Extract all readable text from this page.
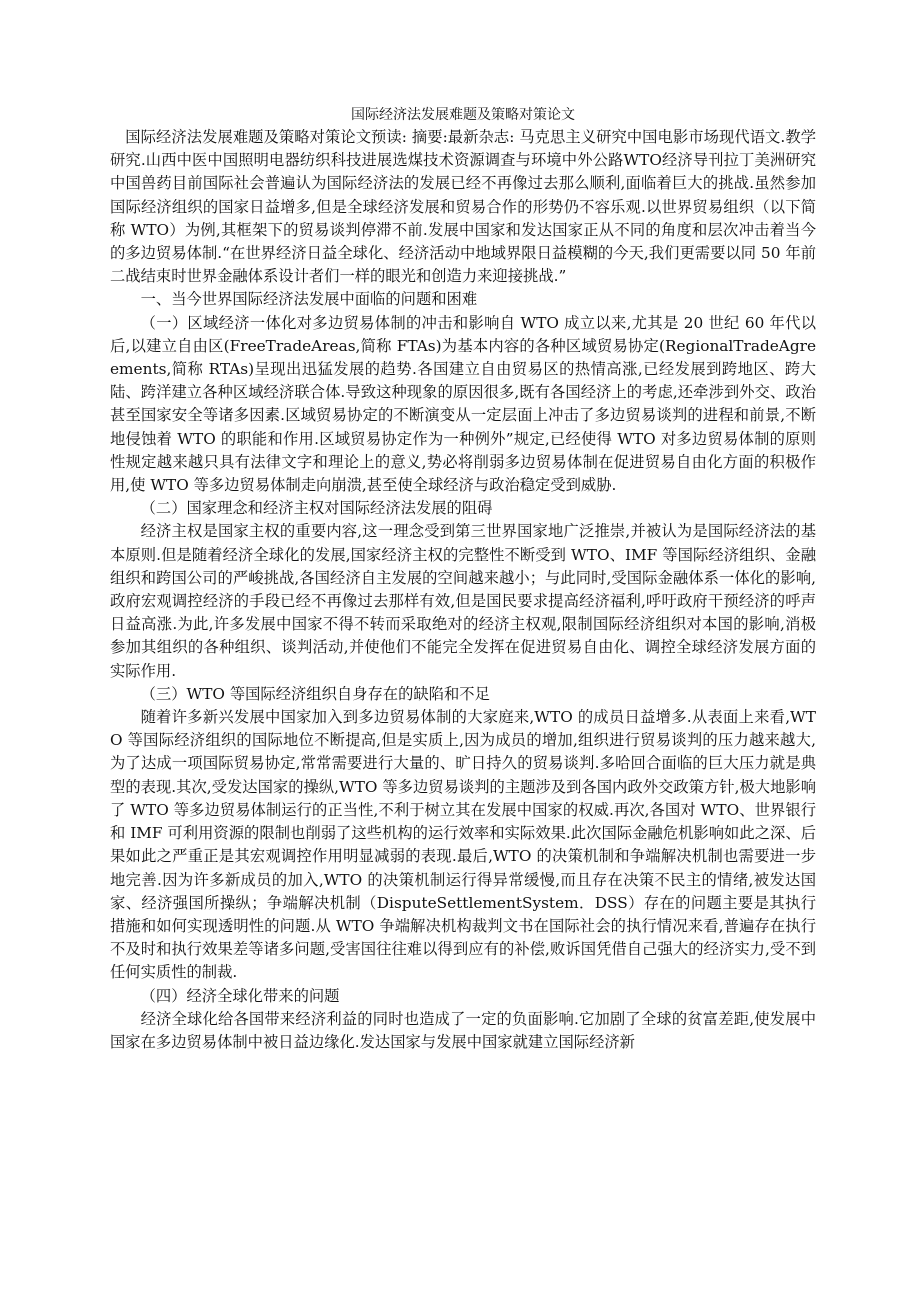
国际经济法发展难题及策略对策论文

国际经济法发展难题及策略对策论文预读: 摘要:最新杂志: 马克思主义研究中国电影市场现代语文.教学研究.山西中医中国照明电器纺织科技进展选煤技术资源调查与环境中外公路WTO经济导刊拉丁美洲研究中国兽药目前国际社会普遍认为国际经济法的发展已经不再像过去那么顺利,面临着巨大的挑战.虽然参加国际经济组织的国家日益增多,但是全球经济发展和贸易合作的形势仍不容乐观.以世界贸易组织（以下简称 WTO）为例,其框架下的贸易谈判停滞不前.发展中国家和发达国家正从不同的角度和层次冲击着当今的多边贸易体制.“在世界经济日益全球化、经济活动中地域界限日益模糊的今天,我们更需要以同 50 年前二战结束时世界金融体系设计者们一样的眼光和创造力来迎接挑战.”

一、当今世界国际经济法发展中面临的问题和困难

（一）区域经济一体化对多边贸易体制的冲击和影响自 WTO 成立以来,尤其是 20 世纪 60 年代以后,以建立自由区(FreeTradeAreas,简称 FTAs)为基本内容的各种区域贸易协定(RegionalTradeAgreements,简称 RTAs)呈现出迅猛发展的趋势.各国建立自由贸易区的热情高涨,已经发展到跨地区、跨大陆、跨洋建立各种区域经济联合体.导致这种现象的原因很多,既有各国经济上的考虑,还牵涉到外交、政治甚至国家安全等诸多因素.区域贸易协定的不断演变从一定层面上冲击了多边贸易谈判的进程和前景,不断地侵蚀着 WTO 的职能和作用.区域贸易协定作为一种例外”规定,已经使得 WTO 对多边贸易体制的原则性规定越来越只具有法律文字和理论上的意义,势必将削弱多边贸易体制在促进贸易自由化方面的积极作用,使 WTO 等多边贸易体制走向崩溃,甚至使全球经济与政治稳定受到威胁.

（二）国家理念和经济主权对国际经济法发展的阻碍

经济主权是国家主权的重要内容,这一理念受到第三世界国家地广泛推崇,并被认为是国际经济法的基本原则.但是随着经济全球化的发展,国家经济主权的完整性不断受到 WTO、IMF 等国际经济组织、金融组织和跨国公司的严峻挑战,各国经济自主发展的空间越来越小；与此同时,受国际金融体系一体化的影响,政府宏观调控经济的手段已经不再像过去那样有效,但是国民要求提高经济福利,呼吁政府干预经济的呼声日益高涨.为此,许多发展中国家不得不转而采取绝对的经济主权观,限制国际经济组织对本国的影响,消极参加其组织的各种组织、谈判活动,并使他们不能完全发挥在促进贸易自由化、调控全球经济发展方面的实际作用.

（三）WTO 等国际经济组织自身存在的缺陷和不足

随着许多新兴发展中国家加入到多边贸易体制的大家庭来,WTO 的成员日益增多.从表面上来看,WTO 等国际经济组织的国际地位不断提高,但是实质上,因为成员的增加,组织进行贸易谈判的压力越来越大,为了达成一项国际贸易协定,常常需要进行大量的、旷日持久的贸易谈判.多哈回合面临的巨大压力就是典型的表现.其次,受发达国家的操纵,WTO 等多边贸易谈判的主题涉及到各国内政外交政策方针,极大地影响了 WTO 等多边贸易体制运行的正当性,不利于树立其在发展中国家的权威.再次,各国对 WTO、世界银行和 IMF 可利用资源的限制也削弱了这些机构的运行效率和实际效果.此次国际金融危机影响如此之深、后果如此之严重正是其宏观调控作用明显减弱的表现.最后,WTO 的决策机制和争端解决机制也需要进一步地完善.因为许多新成员的加入,WTO 的决策机制运行得异常缓慢,而且存在决策不民主的情绪,被发达国家、经济强国所操纵；争端解决机制（DisputeSettlementSystem．DSS）存在的问题主要是其执行措施和如何实现透明性的问题.从 WTO 争端解决机构裁判文书在国际社会的执行情况来看,普遍存在执行不及时和执行效果差等诸多问题,受害国往往难以得到应有的补偿,败诉国凭借自己强大的经济实力,受不到任何实质性的制裁.

（四）经济全球化带来的问题

经济全球化给各国带来经济利益的同时也造成了一定的负面影响.它加剧了全球的贫富差距,使发展中国家在多边贸易体制中被日益边缘化.发达国家与发展中国家就建立国际经济新
